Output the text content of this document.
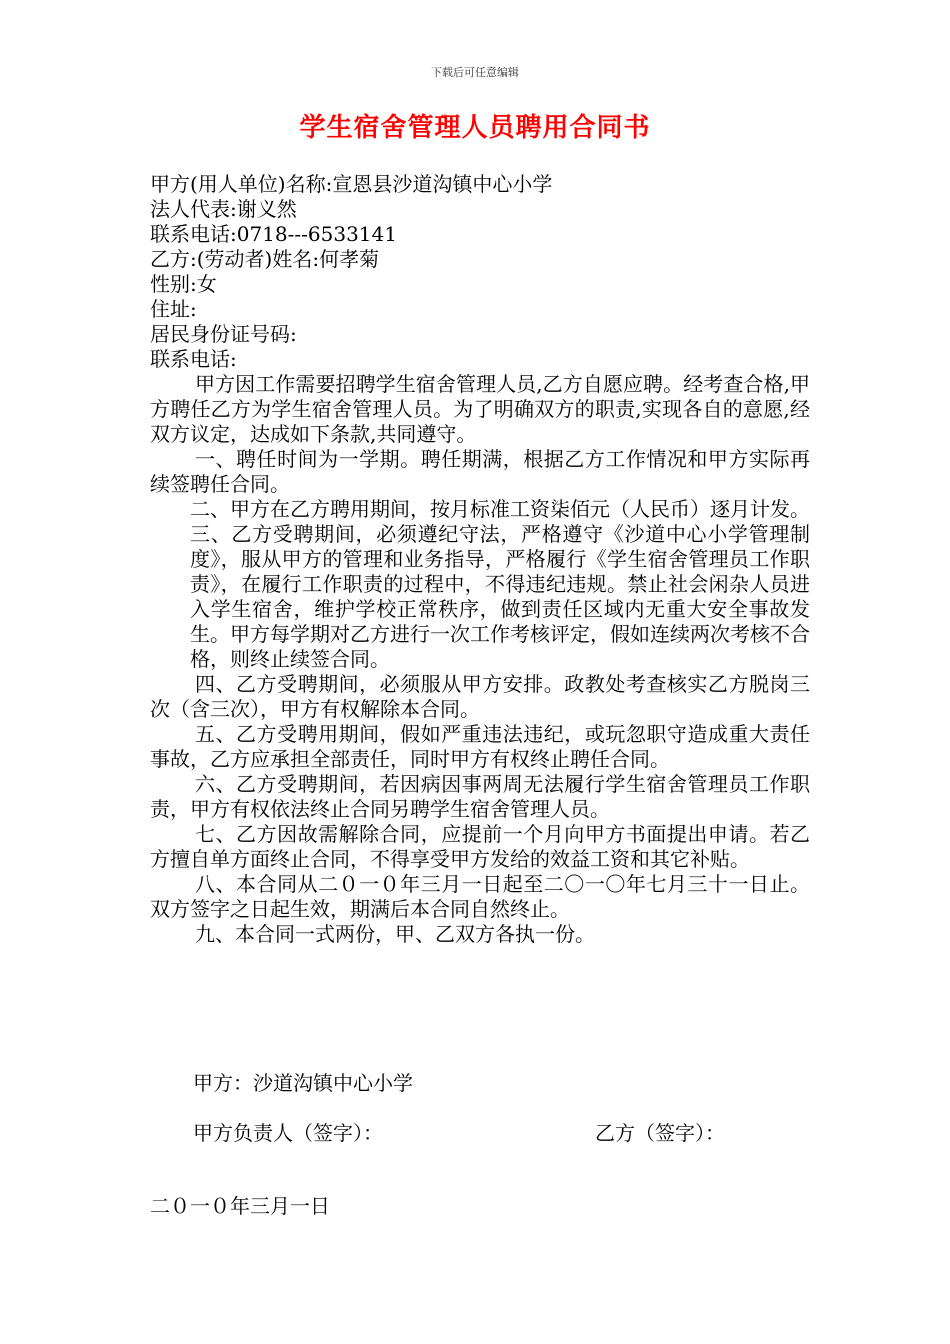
下载后可任意编辑
学生宿舍管理人员聘用合同书
甲方(用人单位)名称:宣恩县沙道沟镇中心小学
法人代表:谢义然
联系电话:0718---6533141
乙方:(劳动者)姓名:何孝菊
性别:女
住址:
居民身份证号码:
联系电话:
甲方因工作需要招聘学生宿舍管理人员,乙方自愿应聘。经考查合格,甲方聘任乙方为学生宿舍管理人员。为了明确双方的职责,实现各自的意愿,经双方议定，达成如下条款,共同遵守。
一、聘任时间为一学期。聘任期满，根据乙方工作情况和甲方实际再续签聘任合同。
二、甲方在乙方聘用期间，按月标准工资柒佰元（人民币）逐月计发。
三、乙方受聘期间，必须遵纪守法，严格遵守《沙道中心小学管理制度》，服从甲方的管理和业务指导，严格履行《学生宿舍管理员工作职责》，在履行工作职责的过程中，不得违纪违规。禁止社会闲杂人员进入学生宿舍，维护学校正常秩序，做到责任区域内无重大安全事故发生。甲方每学期对乙方进行一次工作考核评定，假如连续两次考核不合格，则终止续签合同。
四、乙方受聘期间，必须服从甲方安排。政教处考查核实乙方脱岗三次（含三次），甲方有权解除本合同。
五、乙方受聘用期间，假如严重违法违纪，或玩忽职守造成重大责任事故，乙方应承担全部责任，同时甲方有权终止聘任合同。
六、乙方受聘期间，若因病因事两周无法履行学生宿舍管理员工作职责，甲方有权依法终止合同另聘学生宿舍管理人员。
七、乙方因故需解除合同，应提前一个月向甲方书面提出申请。若乙方擅自单方面终止合同，不得享受甲方发给的效益工资和其它补贴。
八、本合同从二０一０年三月一日起至二〇一〇年七月三十一日止。双方签字之日起生效，期满后本合同自然终止。
九、本合同一式两份，甲、乙双方各执一份。
甲方：沙道沟镇中心小学
甲方负责人（签字）：	乙方（签字）：
二０一０年三月一日
